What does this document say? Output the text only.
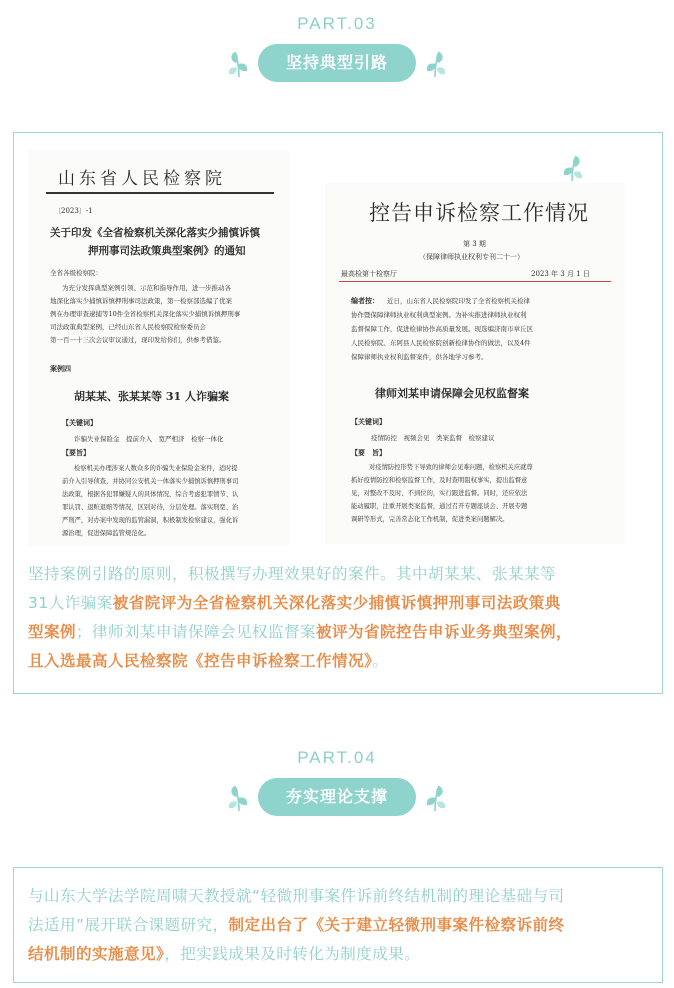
PART.03
坚持典型引路
山东省人民检察院
〔2023〕-1
关于印发《全省检察机关深化落实少捕慎诉慎
押刑事司法政策典型案例》的通知
全省各级检察院：
为充分发挥典型案例引领、示范和指导作用，进一步推动各
地深化落实少捕慎诉慎押刑事司法政策，第一检察部选编了优案
例在办理审查逮捕等10件全省检察机关深化落实少捕慎诉慎押刑事
司法政策典型案例，已经山东省人民检察院检察委员会
第一百一十三次会议审议通过，现印发给你们，供参考借鉴。
案例四
胡某某、张某某等 31 人诈骗案
【关键词】
诈骗失业保险金　提前介入　宽严相济　检察一体化
【要旨】
检察机关办理涉案人数众多的诈骗失业保险金案件，适时提
前介入引导侦查，并协同公安机关一体落实少捕慎诉慎押刑事司
法政策，根据各犯罪嫌疑人的具体情况，综合考虑犯罪情节、认
罪认罚、退赃退赔等情况，区别对待，分层处理。落实刑宽、治
严刑严，对办案中发现的监管漏洞，积极制发检察建议，强化诉
源治理，促进保障监管规范化。
控告申诉检察工作情况
第 3 期
（保障律师执业权利专刊二十一）
最高检第十检察厅	2023 年 3 月 1 日
编者按： 近日，山东省人民检察院印发了全省检察机关检律
协作暨保障律师执业权利典型案例。为补实推进律师执业权利
监督保障工作，促进检律协作高质量发展。现选编济南市章丘区
人民检察院、东阿县人民检察院创新检律协作的做法，以及4件
保障律师执业权利监督案件，供各地学习参考。
律师刘某申请保障会见权监督案
【关键词】
疫情防控　视频会见　类案监督　检察建议
【要　旨】
对疫情防控形势下导致的律师会见难问题，检察机关应就尊
抓好疫情防控和检察监督工作，及时查明阻权事实，提出监督意
见，对整改不及时、不到位的，实行跟进监督。同时，还应依法
能动履职，注重开展类案监督，通过召开专题座谈会、开展专题
调研等形式，完善常态化工作机制，促进类案问题解决。
坚持案例引路的原则，积极撰写办理效果好的案件。其中胡某某、张某某等
31人诈骗案被省院评为全省检察机关深化落实少捕慎诉慎押刑事司法政策典
型案例；律师刘某申请保障会见权监督案被评为省院控告申诉业务典型案例，
且入选最高人民检察院《控告申诉检察工作情况》。
PART.04
夯实理论支撑
与山东大学法学院周啸天教授就“轻微刑事案件诉前终结机制的理论基础与司
法适用”展开联合课题研究，制定出台了《关于建立轻微刑事案件检察诉前终
结机制的实施意见》，把实践成果及时转化为制度成果。
